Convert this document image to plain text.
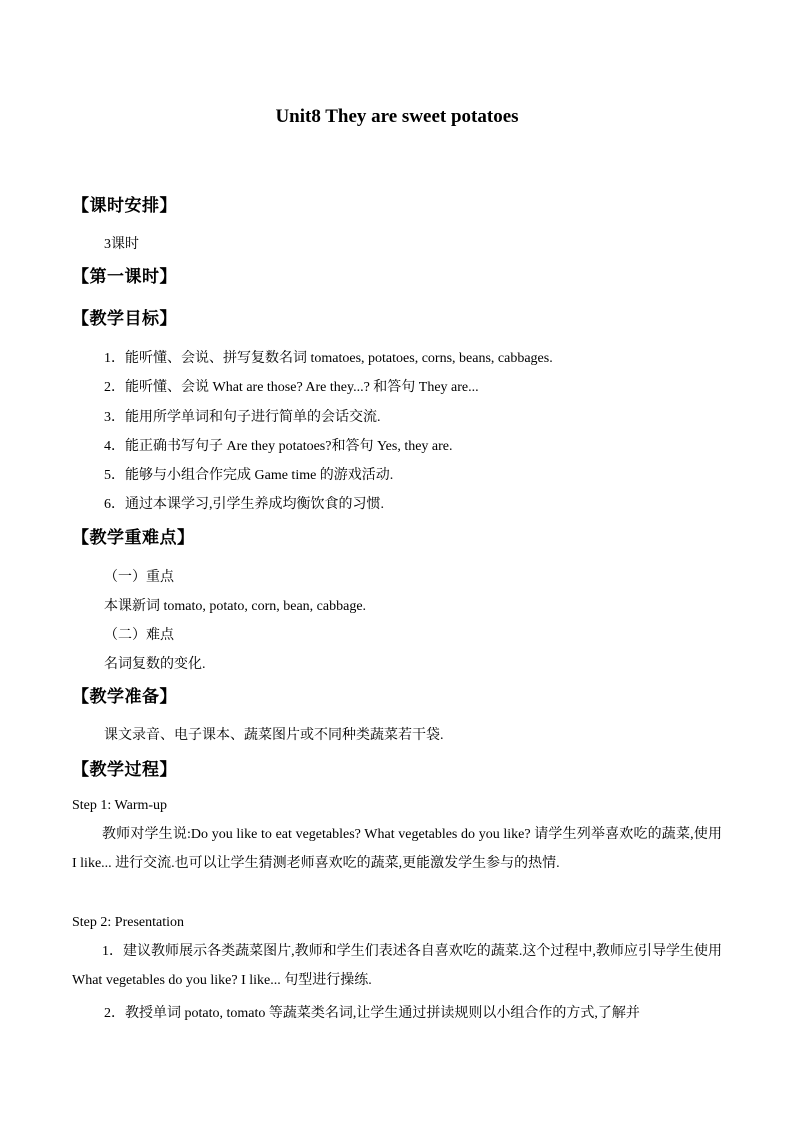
Unit8 They are sweet potatoes
【课时安排】
3课时
【第一课时】
【教学目标】
1．能听懂、会说、拼写复数名词 tomatoes, potatoes, corns, beans, cabbages.
2．能听懂、会说 What are those? Are they...? 和答句 They are...
3．能用所学单词和句子进行简单的会话交流.
4．能正确书写句子 Are they potatoes?和答句 Yes, they are.
5．能够与小组合作完成 Game time 的游戏活动.
6．通过本课学习,引学生养成均衡饮食的习惯.
【教学重难点】
（一）重点
本课新词 tomato, potato, corn, bean, cabbage.
（二）难点
名词复数的变化.
【教学准备】
课文录音、电子课本、蔬菜图片或不同种类蔬菜若干袋.
【教学过程】
Step 1: Warm-up
教师对学生说:Do you like to eat vegetables? What vegetables do you like? 请学生列举喜欢吃的蔬菜,使用 I like... 进行交流.也可以让学生猜测老师喜欢吃的蔬菜,更能激发学生参与的热情.
Step 2: Presentation
1．建议教师展示各类蔬菜图片,教师和学生们表述各自喜欢吃的蔬菜.这个过程中,教师应引导学生使用 What vegetables do you like? I like... 句型进行操练.
2．教授单词 potato, tomato 等蔬菜类名词,让学生通过拼读规则以小组合作的方式,了解并
